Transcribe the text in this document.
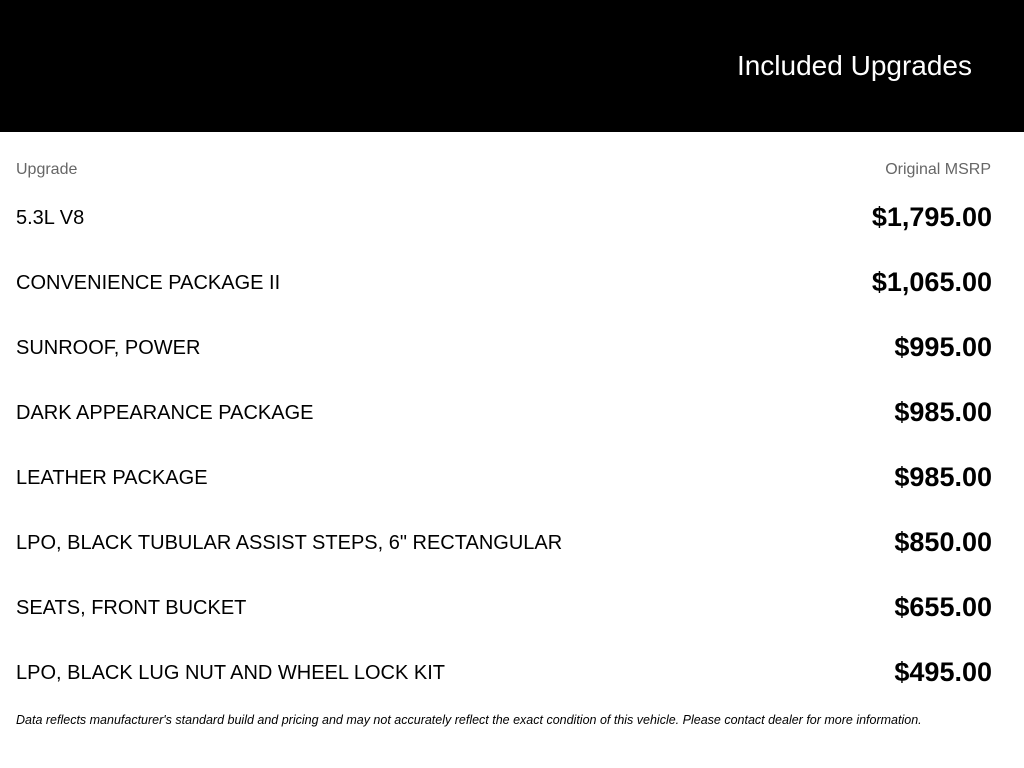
Included Upgrades
Upgrade	Original MSRP
5.3L V8	$1,795.00
CONVENIENCE PACKAGE II	$1,065.00
SUNROOF, POWER	$995.00
DARK APPEARANCE PACKAGE	$985.00
LEATHER PACKAGE	$985.00
LPO, BLACK TUBULAR ASSIST STEPS, 6" RECTANGULAR	$850.00
SEATS, FRONT BUCKET	$655.00
LPO, BLACK LUG NUT AND WHEEL LOCK KIT	$495.00
Data reflects manufacturer's standard build and pricing and may not accurately reflect the exact condition of this vehicle. Please contact dealer for more information.
